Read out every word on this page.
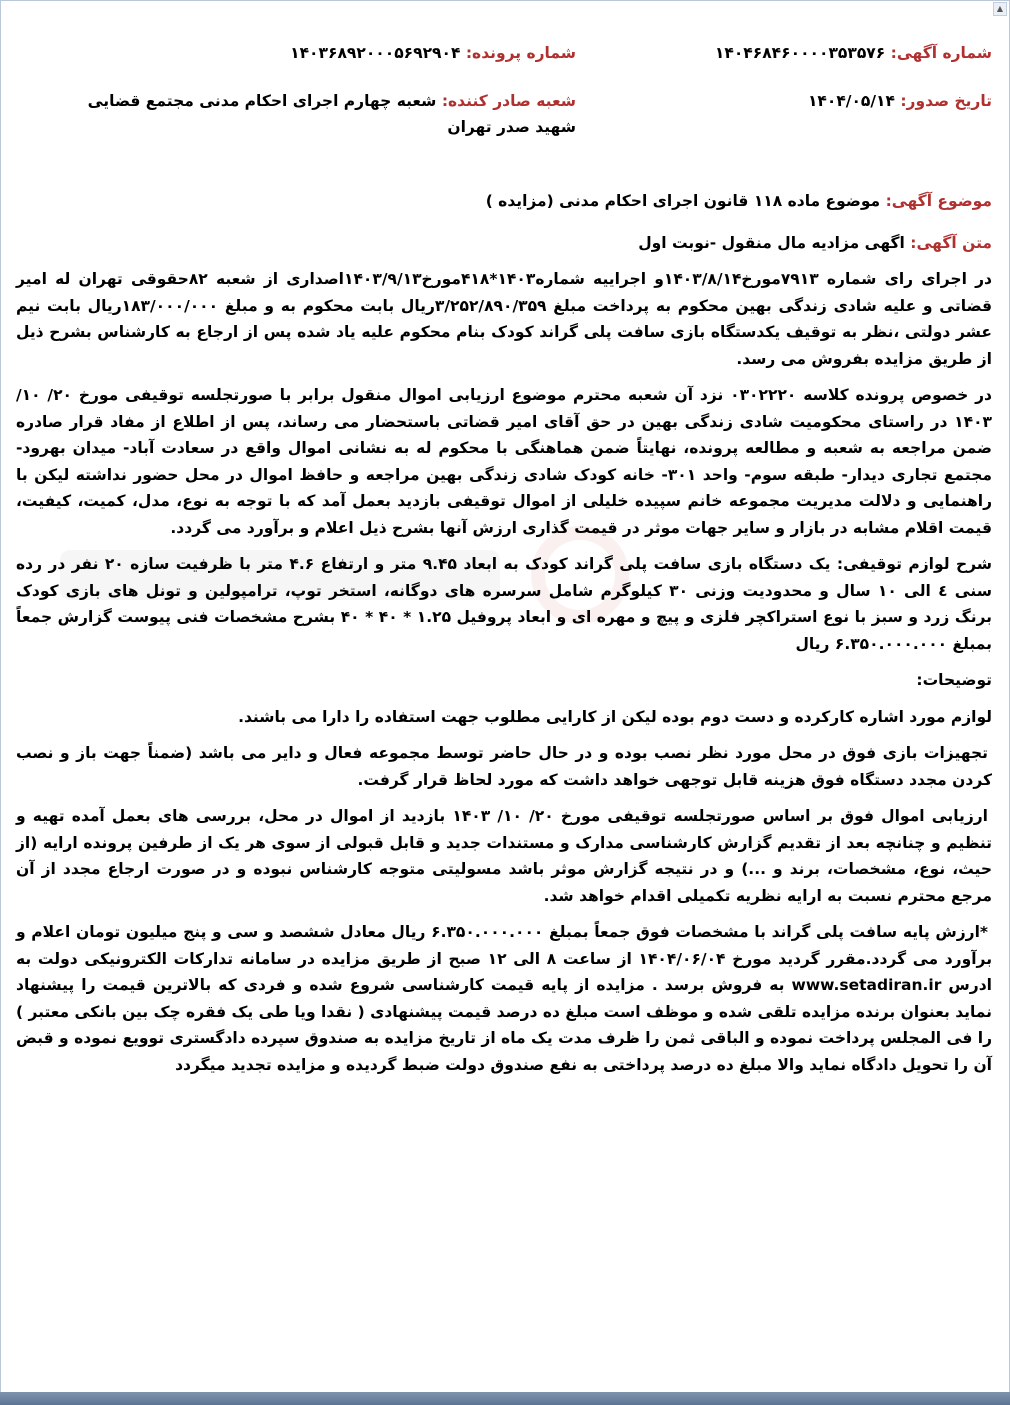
▲
شماره آگهی: ۱۴۰۴۶۸۴۶۰۰۰۰۳۵۳۵۷۶
شماره پرونده: ۱۴۰۳۶۸۹۲۰۰۰۵۶۹۲۹۰۴
تاریخ صدور: ۱۴۰۴/۰۵/۱۴
شعبه صادر کننده: شعبه چهارم اجرای احکام مدنی مجتمع قضایی شهید صدر تهران
موضوع آگهی: موضوع ماده ۱۱۸ قانون اجرای احکام مدنی (مزایده )
متن آگهی: اگهی مزادیه مال منقول -نوبت اول

در اجرای رای شماره ۷۹۱۳مورخ۱۴۰۳/۸/۱۴و اجراییه شماره۱۴۰۳*۴۱۸مورخ۱۴۰۳/۹/۱۳اصداری از شعبه ۸۲حقوقی تهران له امیر قضاتی و علیه شادی زندگی بهین محکوم به پرداخت مبلغ ۳/۲۵۲/۸۹۰/۳۵۹ریال بابت محکوم به و مبلغ ۱۸۳/۰۰۰/۰۰۰ریال بابت نیم عشر دولتی ،نظر به توقیف یکدستگاه بازی سافت پلی گراند کودک بنام محکوم علیه یاد شده پس از ارجاع به کارشناس بشرح ذیل از طریق مزایده بفروش می رسد.

در خصوص پرونده کلاسه ۰۳۰۲۲۲۰ نزد آن شعبه محترم موضوع ارزیابی اموال منقول برابر با صورتجلسه توقیفی مورخ ۲۰/ ۱۰/ ۱۴۰۳ در راستای محکومیت شادی زندگی بهین در حق آقای امیر قضاتی باستحضار می رساند، پس از اطلاع از مفاد قرار صادره ضمن مراجعه به شعبه و مطالعه پرونده، نهایتاً ضمن هماهنگی با محکوم له به نشانی اموال واقع در سعادت آباد- میدان بهرود- مجتمع تجاری دیدار- طبقه سوم- واحد ۳۰۱- خانه کودک شادی زندگی بهین مراجعه و حافظ اموال در محل حضور نداشته لیکن با راهنمایی و دلالت مدیریت مجموعه خانم سپیده خلیلی از اموال توقیفی بازدید بعمل آمد که با توجه به نوع، مدل، کمیت، کیفیت، قیمت اقلام مشابه در بازار و سایر جهات موثر در قیمت گذاری ارزش آنها بشرح ذیل اعلام و برآورد می گردد.

شرح لوازم توقیفی: یک دستگاه بازی سافت پلی گراند کودک به ابعاد ۹.۴۵ متر و ارتفاع ۴.۶ متر با ظرفیت سازه ۲۰ نفر در رده سنی ٤ الی ۱۰ سال و محدودیت وزنی ۳۰ کیلوگرم شامل سرسره های دوگانه، استخر توپ، ترامپولین و تونل های بازی کودک برنگ زرد و سبز با نوع استراکچر فلزی و پیچ و مهره ای و ابعاد پروفیل ۱.۲۵ * ۴۰ * ۴۰ بشرح مشخصات فنی پیوست گزارش جمعاً بمبلغ ۶.۳۵۰.۰۰۰.۰۰۰ ریال

توضیحات:

لوازم مورد اشاره کارکرده و دست دوم بوده لیکن از کارایی مطلوب جهت استفاده را دارا می باشند.

تجهیزات بازی فوق در محل مورد نظر نصب بوده و در حال حاضر توسط مجموعه فعال و دایر می باشد (ضمناً جهت باز و نصب کردن مجدد دستگاه فوق هزینه قابل توجهی خواهد داشت که مورد لحاظ قرار گرفت.

ارزیابی اموال فوق بر اساس صورتجلسه توقیفی مورخ ۲۰/ ۱۰/ ۱۴۰۳ بازدید از اموال در محل، بررسی های بعمل آمده تهیه و تنظیم و چنانچه بعد از تقدیم گزارش کارشناسی مدارک و مستندات جدید و قابل قبولی از سوی هر یک از طرفین پرونده ارایه (از حیث، نوع، مشخصات، برند و ...) و در نتیجه گزارش موثر باشد مسولیتی متوجه کارشناس نبوده و در صورت ارجاع مجدد از آن مرجع محترم نسبت به ارایه نظریه تکمیلی اقدام خواهد شد.

*ارزش پایه سافت پلی گراند با مشخصات فوق جمعاً بمبلغ ۶.۳۵۰.۰۰۰.۰۰۰ ریال معادل ششصد و سی و پنج میلیون تومان اعلام و برآورد می گردد.مقرر گردید مورخ ۱۴۰۴/۰۶/۰۴ از ساعت ۸ الی ۱۲ صبح از طریق مزایده در سامانه تدارکات الکترونیکی دولت به ادرس www.setadiran.ir به فروش برسد . مزایده از پایه قیمت کارشناسی شروع شده و فردی که بالاترین قیمت را پیشنهاد نماید بعنوان برنده مزایده تلقی شده و موظف است مبلغ ده درصد قیمت پیشنهادی ( نقدا ویا طی یک فقره چک بین بانکی معتبر ) را فی المجلس پرداخت نموده و الباقی ثمن را ظرف مدت یک ماه از تاریخ مزایده به صندوق سپرده دادگستری توویع نموده و قبض آن را تحویل دادگاه نماید والا مبلغ ده درصد پرداختی به نفع صندوق دولت ضبط گردیده و مزایده تجدید میگردد
